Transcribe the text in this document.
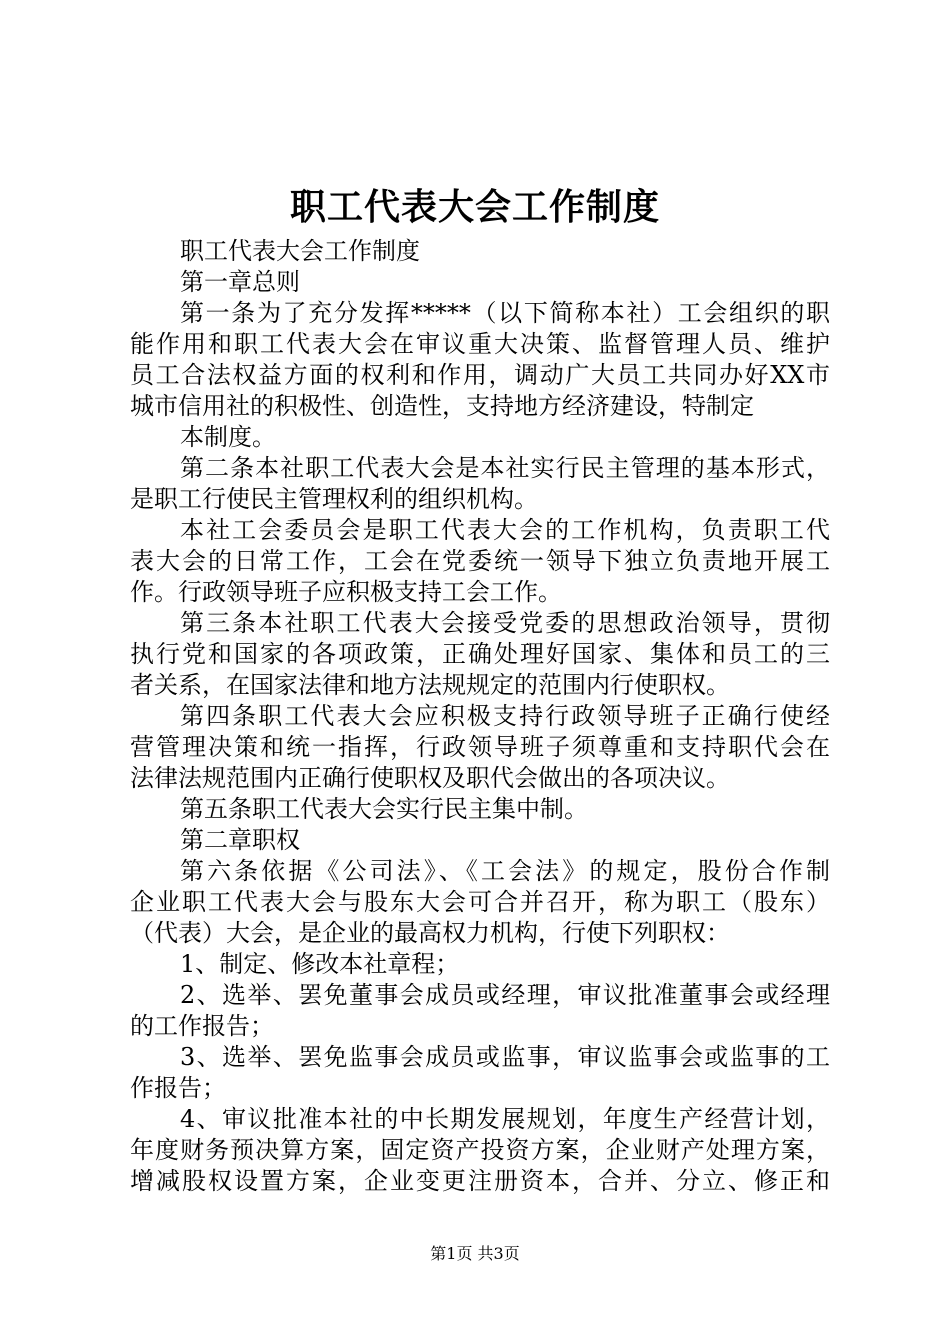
职工代表大会工作制度
职工代表大会工作制度
第一章总则
第一条为了充分发挥*****（以下简称本社）工会组织的职
能作用和职工代表大会在审议重大决策、监督管理人员、维护
员工合法权益方面的权利和作用，调动广大员工共同办好XX市
城市信用社的积极性、创造性，支持地方经济建设，特制定
本制度。
第二条本社职工代表大会是本社实行民主管理的基本形式，
是职工行使民主管理权利的组织机构。
本社工会委员会是职工代表大会的工作机构，负责职工代
表大会的日常工作，工会在党委统一领导下独立负责地开展工
作。行政领导班子应积极支持工会工作。
第三条本社职工代表大会接受党委的思想政治领导，贯彻
执行党和国家的各项政策，正确处理好国家、集体和员工的三
者关系，在国家法律和地方法规规定的范围内行使职权。
第四条职工代表大会应积极支持行政领导班子正确行使经
营管理决策和统一指挥，行政领导班子须尊重和支持职代会在
法律法规范围内正确行使职权及职代会做出的各项决议。
第五条职工代表大会实行民主集中制。
第二章职权
第六条依据《公司法》、《工会法》的规定，股份合作制
企业职工代表大会与股东大会可合并召开，称为职工（股东）
（代表）大会，是企业的最高权力机构，行使下列职权：
1、制定、修改本社章程；
2、选举、罢免董事会成员或经理，审议批准董事会或经理
的工作报告；
3、选举、罢免监事会成员或监事，审议监事会或监事的工
作报告；
4、审议批准本社的中长期发展规划，年度生产经营计划，
年度财务预决算方案，固定资产投资方案，企业财产处理方案，
增减股权设置方案，企业变更注册资本，合并、分立、修正和
第1页 共3页
